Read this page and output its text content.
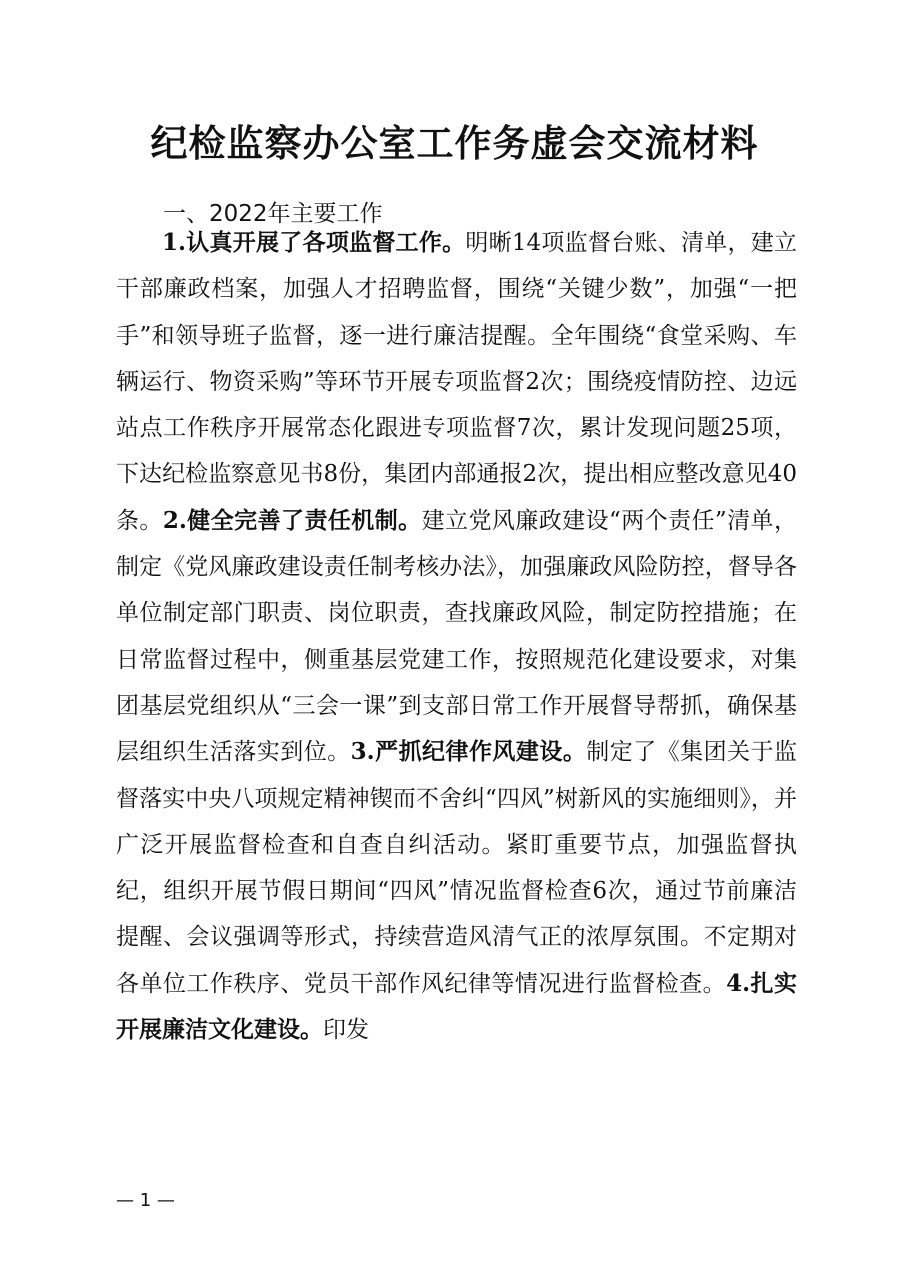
纪检监察办公室工作务虚会交流材料
一、2022年主要工作

1.认真开展了各项监督工作。明晰14项监督台账、清单，建立干部廉政档案，加强人才招聘监督，围绕“关键少数”，加强“一把手”和领导班子监督，逐一进行廉洁提醒。全年围绕“食堂采购、车辆运行、物资采购”等环节开展专项监督2次；围绕疫情防控、边远站点工作秩序开展常态化跟进专项监督7次，累计发现问题25项，下达纪检监察意见书8份，集团内部通报2次，提出相应整改意见40条。2.健全完善了责任机制。建立党风廉政建设“两个责任”清单，制定《党风廉政建设责任制考核办法》，加强廉政风险防控，督导各单位制定部门职责、岗位职责，查找廉政风险，制定防控措施；在日常监督过程中，侧重基层党建工作，按照规范化建设要求，对集团基层党组织从“三会一课”到支部日常工作开展督导帮抓，确保基层组织生活落实到位。3.严抓纪律作风建设。制定了《集团关于监督落实中央八项规定精神锲而不舍纠“四风”树新风的实施细则》，并广泛开展监督检查和自查自纠活动。紧盯重要节点，加强监督执纪，组织开展节假日期间“四风”情况监督检查6次，通过节前廉洁提醒、会议强调等形式，持续营造风清气正的浓厚氛围。不定期对各单位工作秩序、党员干部作风纪律等情况进行监督检查。4.扎实开展廉洁文化建设。印发

— 1 —
